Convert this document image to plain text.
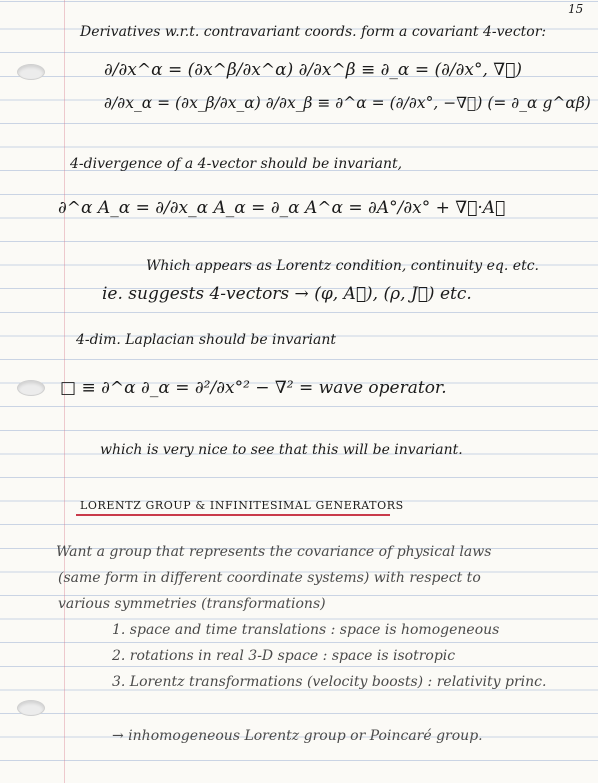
15
Derivatives w.r.t. contravariant coords. form a covariant 4-vector:
∂/∂x^α = (∂x^β/∂x^α) ∂/∂x^β ≡ ∂_α = (∂/∂x°, ∇⃗)
∂/∂x_α = (∂x_β/∂x_α) ∂/∂x_β ≡ ∂^α = (∂/∂x°, −∇⃗) (= ∂_α g^αβ)
4-divergence of a 4-vector should be invariant,
∂^α A_α = ∂/∂x_α A_α = ∂_α A^α = ∂A°/∂x° + ∇⃗·A⃗
Which appears as Lorentz condition, continuity eq. etc.
ie. suggests 4-vectors → (φ, A⃗), (ρ, J⃗) etc.
4-dim. Laplacian should be invariant
□ ≡ ∂^α ∂_α = ∂²/∂x°² − ∇² = wave operator.
which is very nice to see that this will be invariant.
LORENTZ GROUP & INFINITESIMAL GENERATORS
Want a group that represents the covariance of physical laws
(same form in different coordinate systems) with respect to
various symmetries (transformations)
1. space and time translations : space is homogeneous
2. rotations in real 3-D space : space is isotropic
3. Lorentz transformations (velocity boosts) : relativity princ.
→ inhomogeneous Lorentz group or Poincaré group.
